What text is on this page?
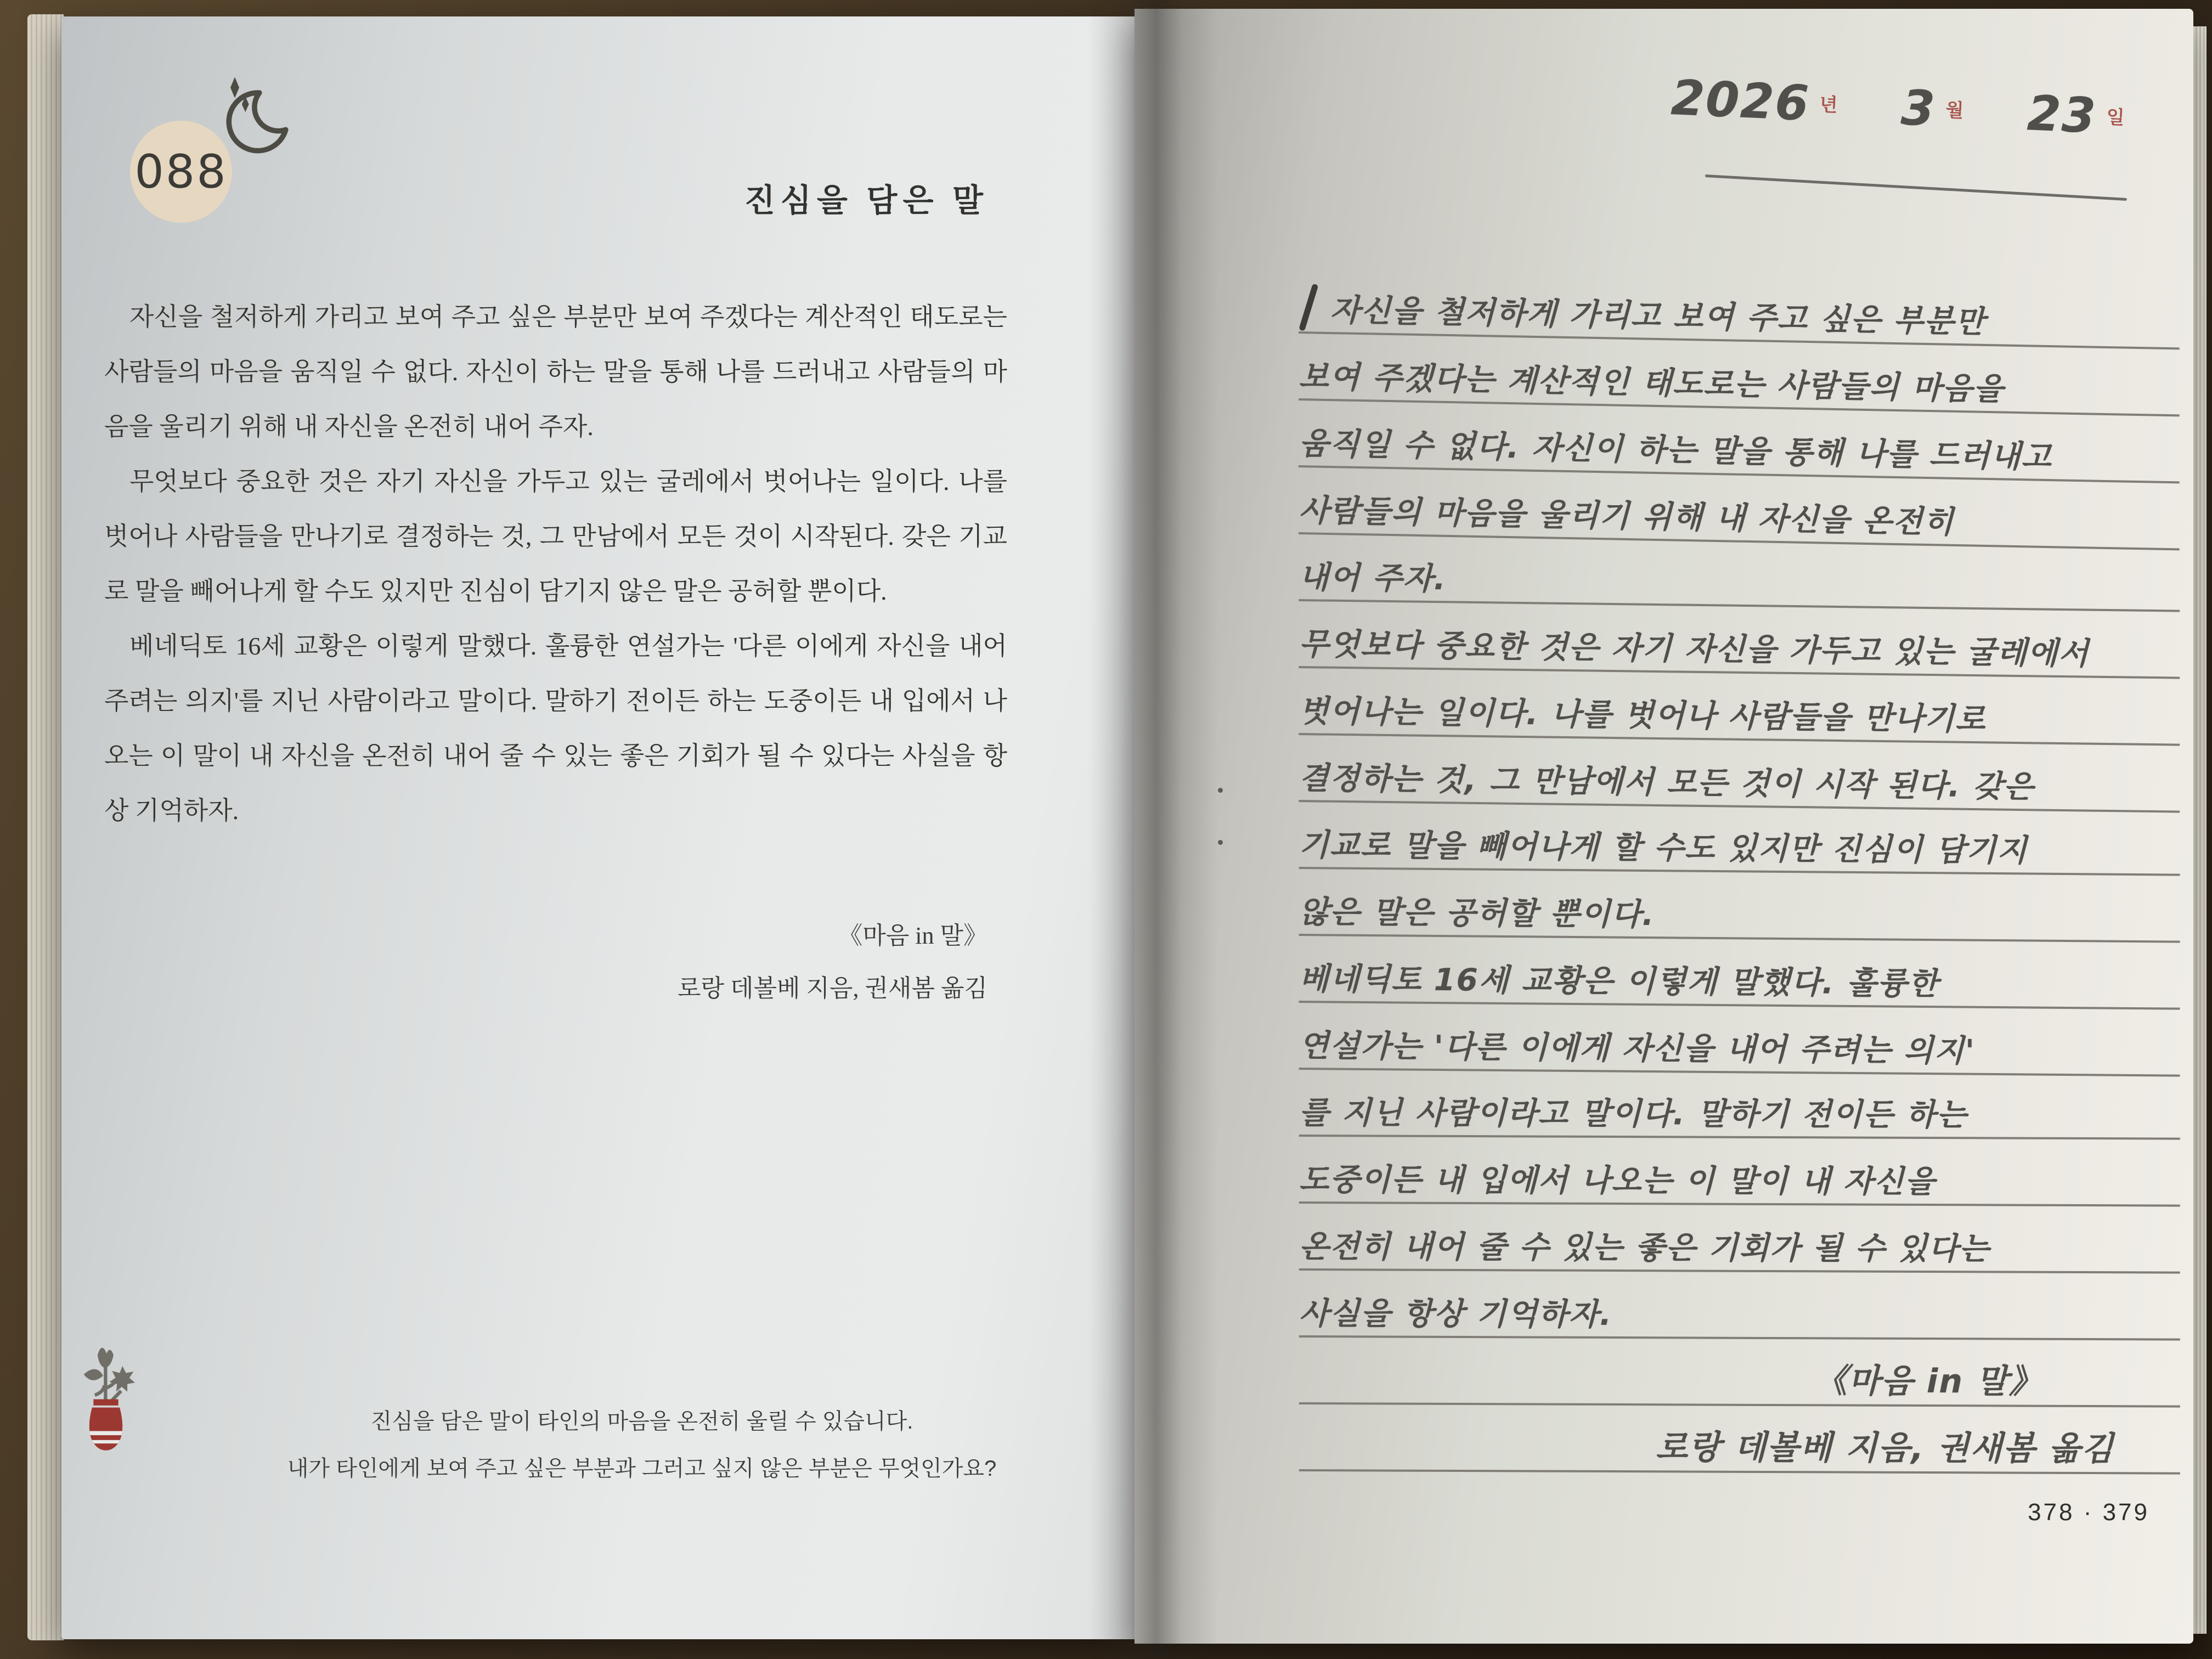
088
진심을 담은 말

자신을 철저하게 가리고 보여 주고 싶은 부분만 보여 주겠다는 계산적인 태도로는 사람들의 마음을 움직일 수 없다. 자신이 하는 말을 통해 나를 드러내고 사람들의 마음을 울리기 위해 내 자신을 온전히 내어 주자.

무엇보다 중요한 것은 자기 자신을 가두고 있는 굴레에서 벗어나는 일이다. 나를 벗어나 사람들을 만나기로 결정하는 것, 그 만남에서 모든 것이 시작된다. 갖은 기교로 말을 빼어나게 할 수도 있지만 진심이 담기지 않은 말은 공허할 뿐이다.

베네딕토 16세 교황은 이렇게 말했다. 훌륭한 연설가는 '다른 이에게 자신을 내어 주려는 의지'를 지닌 사람이라고 말이다. 말하기 전이든 하는 도중이든 내 입에서 나오는 이 말이 내 자신을 온전히 내어 줄 수 있는 좋은 기회가 될 수 있다는 사실을 항상 기억하자.

《마음 in 말》
로랑 데볼베 지음, 권새봄 옮김
진심을 담은 말이 타인의 마음을 온전히 울릴 수 있습니다.
내가 타인에게 보여 주고 싶은 부분과 그러고 싶지 않은 부분은 무엇인가요?
2026 년 3 월 23 일
자신을 철저하게 가리고 보여 주고 싶은 부분만
보여 주겠다는 계산적인 태도로는 사람들의 마음을
움직일 수 없다. 자신이 하는 말을 통해 나를 드러내고
사람들의 마음을 울리기 위해 내 자신을 온전히
내어 주자.
무엇보다 중요한 것은 자기 자신을 가두고 있는 굴레에서
벗어나는 일이다. 나를 벗어나 사람들을 만나기로
결정하는 것, 그 만남에서 모든 것이 시작 된다. 갖은
기교로 말을 빼어나게 할 수도 있지만 진심이 담기지
않은 말은 공허할 뿐이다.
베네딕토 16세 교황은 이렇게 말했다. 훌륭한
연설가는 '다른 이에게 자신을 내어 주려는 의지'
를 지닌 사람이라고 말이다. 말하기 전이든 하는
도중이든 내 입에서 나오는 이 말이 내 자신을
온전히 내어 줄 수 있는 좋은 기회가 될 수 있다는
사실을 항상 기억하자.
《마음 in 말》
로랑 데볼베 지음, 권새봄 옮김
378 · 379
